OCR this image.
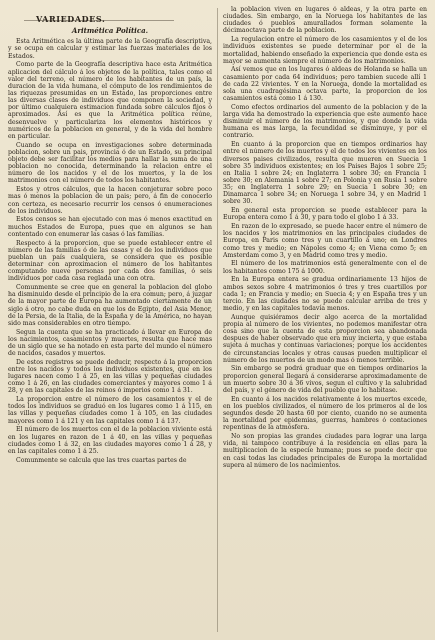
VARIEDADES.
Aritmética Política.

Esta Aritmética es la última parte de la Geografía descriptiva, y se ocupa en calcular y estimar las fuerzas materiales de los Estados.

Como parte de la Geografía descriptiva hace esta Aritmética aplicacion del cálculo á los objetos de la política, tales como el valor del terreno, el número de los habitantes de un país, la duracion de la vida humana, el cómputo de los rendimientos de las riquezas presumidas en un Estado, las proporciones entre las diversas clases de individuos que componen la sociedad, y por último cualquiera estimacion fundada sobre cálculos fijos ó aproximados. Así es que la Aritmética política reúne, desenvuelve y particulariza los elementos históricos y numéricos de la poblacion en general, y de la vida del hombre en particular.

Cuando se ocupa en investigaciones sobre determinada poblacion, sobre un pais, provincia ó de un Estado, su principal objeto debe ser facilitar los medios para hallar la suma de una poblacion no conocida, determinando la relacion entre el número de los nacidos y el de los muertos, y la de los matrimonios con el número de todos los habitantes.

Estos y otros cálculos, que la hacen conjeturar sobre poco mas ó menos la poblacion de un pais; pero, á fin de conocerlo con certeza, es necesario recurrir los censos ó enumeraciones de los individuos.

Estos censos se han ejecutado con mas ó menos exactitud en muchos Estados de Europa, pues que en algunos se han contentado con enumerar las casas ó las familias.

Respecto á la proporcion, que se puede establecer entre el número de las familias ó de las casas y el de los individuos que pueblan un país cualquiera, se considera que es posible determinar con aproximacion el número de los habitantes computando nueve personas por cada dos familias, ó seis individuos por cada casa reglada una con otra.

Comunmente se cree que en general la poblacion del globo ha disminuido desde el principio de la era comun; pero, á juzgar de la mayor parte de Europa ha aumentado ciertamente de un siglo á otro, no cabe duda en que los de Egipto, del Asia Menor, de la Persia, de la Italia, de la España y de la América, no hayan sido mas considerables en otro tiempo.

Segun la cuenta que se ha practicado á llevar en Europa de los nacimientos, casamientos y muertes, resulta que hace mas de un siglo que se ha notado en esta parte del mundo el número de nacidos, casados y muertos.

De estos registros se puede deducir, respecto á la proporcion entre los nacidos y todos los individuos existentes, que en los lugares nacen como 1 á 25, en las villas y pequeñas ciudades como 1 á 26, en las ciudades comerciantes y mayores como 1 á 28, y en las capitales de las reinos ó imperios como 1 á 31.

La proporcion entre el número de los casamientos y el de todos los individuos se graduó en los lugares como 1 á 115, en las villas y pequeñas ciudades como 1 á 105, en las ciudades mayores como 1 á 121 y en las capitales como 1 á 137.

El número de los muertos con el de la poblacion viviente está en los lugares en razon de 1 á 40, en las villas y pequeñas ciudades como 1 á 32, en las ciudades mayores como 1 á 28, y en las capitales como 1 á 25.

Comunmente se calcula que las tres cuartas partes de

la poblacion viven en lugares ó aldeas, y la otra parte en ciudades. Sin embargo, en la Noruega los habitantes de las ciudades ó pueblos amurallados forman solamente la décimaoctava parte de la poblacion.

La regulacion entre el número de los casamientos y el de los individuos existentes se puede determinar por el de la mortalidad, habiendo enseñado la experiencia que donde esta es mayor se aumenta siempre el número de los matrimonios.

Así vemos que en los lugares ó aldeas de Holanda se halla un casamiento por cada 64 individuos; pero tambien sucede allí 1 de cada 22 vivientes. Y en la Noruega, donde la mortalidad es sola una cuadragésima octava parte, la proporcion de los casamientos está como 1 á 130.

Como efectos ordinarios del aumento de la poblacion y de la larga vida ha demostrado la experiencia que este aumento hace disminuir el número de los matrimonios, y que donde la vida humana es mas larga, la fecundidad se disminuye, y por el contrario.

En cuanto á la proporcion que en tiempos ordinarios hay entre el número de los muertos y el de todos los vivientes en los diversos paises civilizados, resulta que mueren en Suecia 1 sobre 35 individuos existentes; en los Paises Bajos 1 sobre 25; en Italia 1 sobre 24; en Inglaterra 1 sobre 30; en Francia 1 sobre 30; en Alemania 1 sobre 27; en Polonia y en Rusia 1 sobre 35; en Inglaterra 1 sobre 29; en Suecia 1 sobre 30; en Dinamarca 1 sobre 34; en Noruega 1 sobre 34, y en Madrid 1 sobre 30.

En general esta proporcion se puede establecer para la Europa entera como 1 á 30, y para todo el globo 1 á 33.

En razon de lo expresado, se puede hacer entre el número de los nacidos y los matrimonios en las principales ciudades de Europa, en Paris como tres y un cuartillo á uno; en Londres como tres y medio; en Nápoles como 4; en Viena como 5; en Amsterdam como 3, y en Madrid como tres y medio.

El número de los matrimonios está generalmente con el de los habitantes como 175 á 1000.

En la Europa entera se gradua ordinariamente 13 hijos de ambos sexos sobre 4 matrimonios ó tres y tres cuartillos por cada 1; en Francia y medio; en Suecia 4; y en España tres y un tercio. En las ciudades no se puede calcular arriba de tres y medio, y en las capitales todavía menos.

Aunque quisiéramos decir algo acerca de la mortalidad propia al número de los vivientes, no podemos manifestar otra cosa sino que la cuenta de esta proporcion sea abandonada despues de haber observado que era muy incierta, y que estaba sujeta á muchas y continuas variaciones; porque los accidentes de circunstancias locales y otras causas pueden multiplicar el número de los muertos de un modo mas ó menos terrible.

Sin embargo se podrá graduar que en tiempos ordinarios la proporcion general llegará á considerarse aproximadamente de un muerto sobre 30 á 36 vivos, segun el cultivo y la salubridad del país, y el género de vida del pueblo que lo habitase.

En cuanto á los nacidos relativamente á los muertos excede, en los pueblos civilizados, el número de los primeros al de los segundos desde 20 hasta 60 por ciento, cuando no se aumenta la mortalidad por epidemias, guerras, hambres ó contaciones repentinas de la atmósfera.

No son propias las grandes ciudades para lograr una larga vida, ni tampoco contribuye á la residencia en ellas para la multiplicacion de la especie humana; pues se puede decir que en casi todas las ciudades principales de Europa la mortalidad supera al número de los nacimientos.
